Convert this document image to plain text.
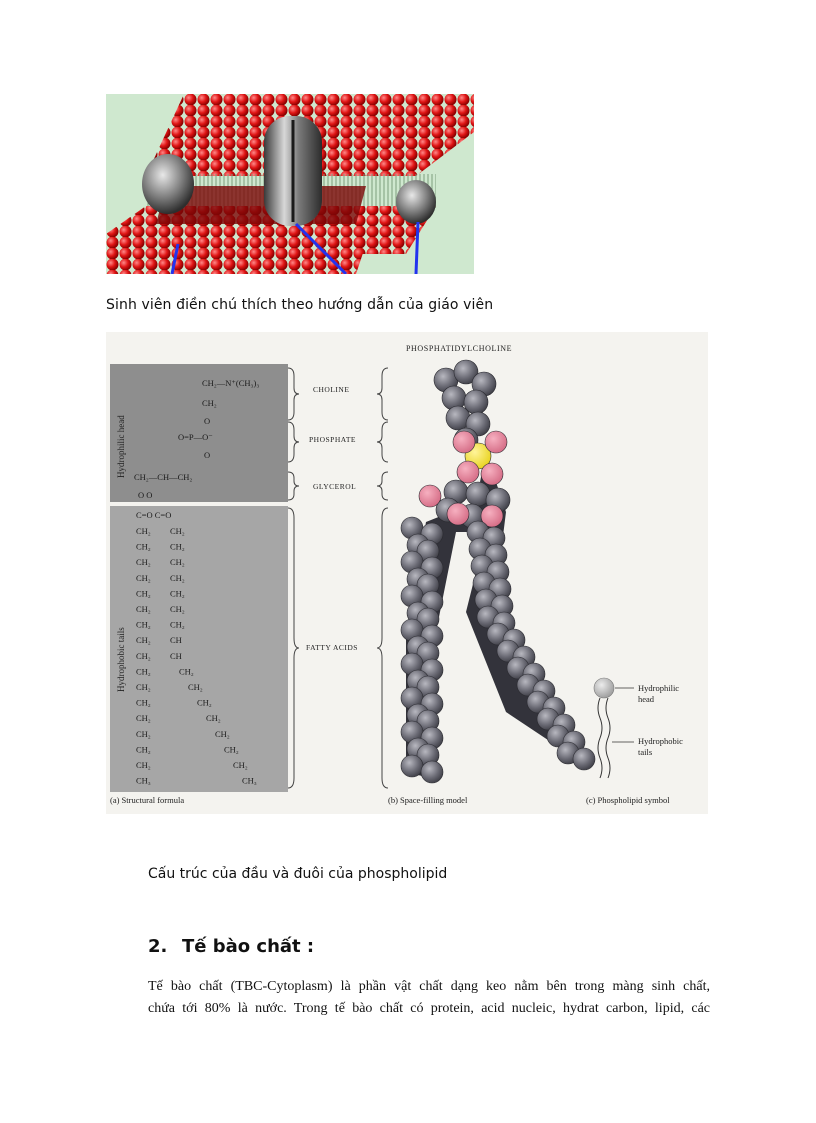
Sinh viên điền chú thích theo hướng dẫn của giáo viên
PHOSPHATIDYLCHOLINE
Hydrophilic head
Hydrophobic tails
CH₂—N⁺(CH₃)₃
CH₂
O
O=P—O⁻
O
CH₂—CH—CH₂
O O
C=O C=O
CH₂
CH₂
CH₂
CH₂
CH₂
CH₂
CH₂
CH₂
CH₂
CH₂
CH₂
CH₂
CH₂
CH₂
CH₂
CH₂
CH₃
CH₂
CH₂
CH₂
CH₂
CH₂
CH₂
CH₂
CH
CH
CH₂
CH₂
CH₂
CH₂
CH₂
CH₂
CH₂
CH₃
CHOLINE
PHOSPHATE
GLYCEROL
FATTY ACIDS
Hydrophilic head
Hydrophobic tails
(a) Structural formula	(b) Space-filling model	(c) Phospholipid symbol
Cấu trúc của đầu và đuôi của phospholipid
2. Tế bào chất :
Tế bào chất (TBC-Cytoplasm) là phần vật chất dạng keo nằm bên trong màng sinh chất,
chứa tới 80% là nước. Trong tế bào chất có protein, acid nucleic, hydrat carbon, lipid, các
